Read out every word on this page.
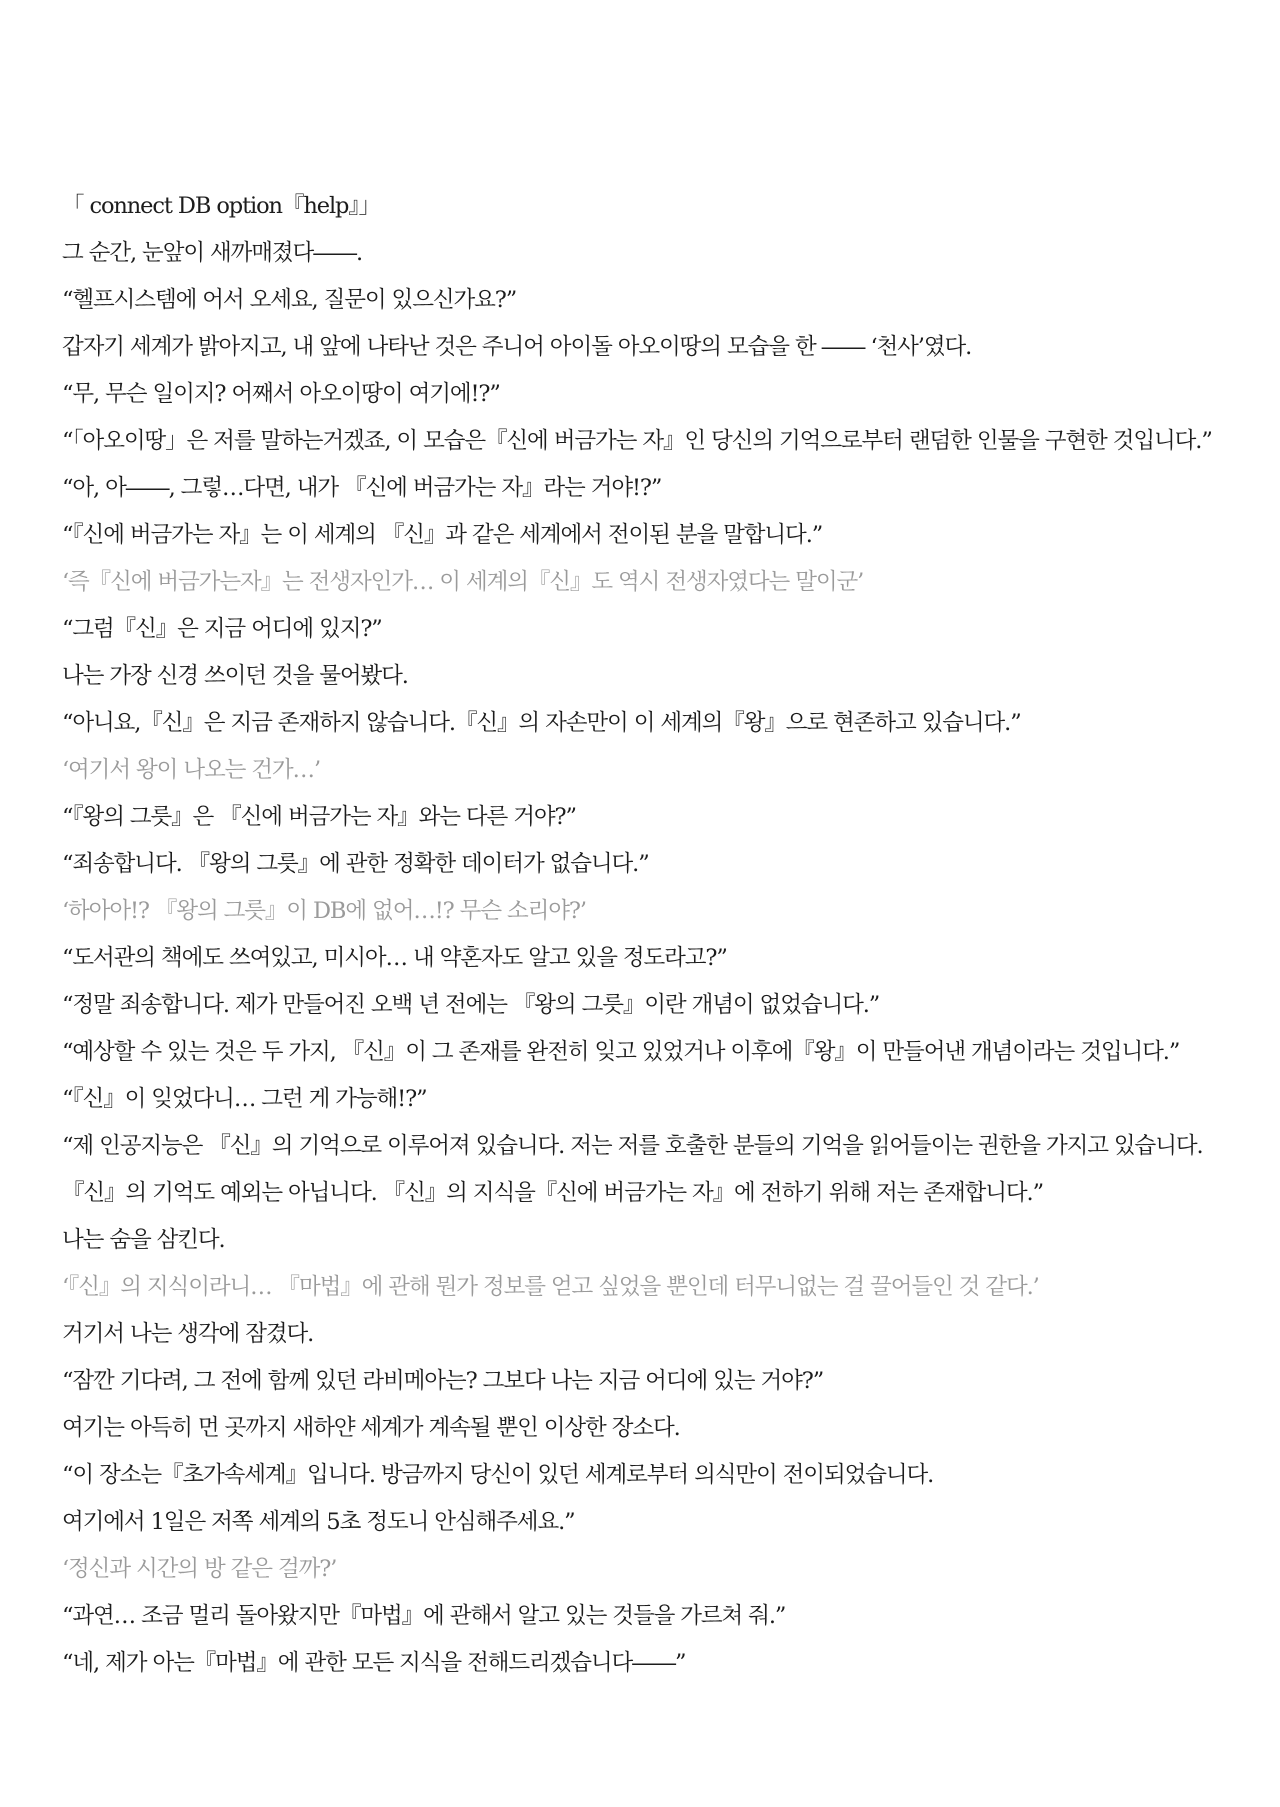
「 connect DB option『help』」

그 순간, 눈앞이 새까매졌다――.

“헬프시스템에 어서 오세요, 질문이 있으신가요?”

갑자기 세계가 밝아지고, 내 앞에 나타난 것은 주니어 아이돌 아오이땅의 모습을 한 ―― ‘천사’였다.

“무, 무슨 일이지? 어째서 아오이땅이 여기에!?”

“「아오이땅」은 저를 말하는거겠죠, 이 모습은『신에 버금가는 자』인 당신의 기억으로부터 랜덤한 인물을 구현한 것입니다.”

“아, 아――, 그렇…다면, 내가 『신에 버금가는 자』라는 거야!?”

“『신에 버금가는 자』는 이 세계의 『신』과 같은 세계에서 전이된 분을 말합니다.”

‘즉『신에 버금가는자』는 전생자인가… 이 세계의『신』도 역시 전생자였다는 말이군’

“그럼『신』은 지금 어디에 있지?”

나는 가장 신경 쓰이던 것을 물어봤다.

“아니요,『신』은 지금 존재하지 않습니다.『신』의 자손만이 이 세계의『왕』으로 현존하고 있습니다.”

‘여기서 왕이 나오는 건가…’

“『왕의 그릇』은 『신에 버금가는 자』와는 다른 거야?”

“죄송합니다. 『왕의 그릇』에 관한 정확한 데이터가 없습니다.”

‘하아아!? 『왕의 그릇』이 DB에 없어…!? 무슨 소리야?’

“도서관의 책에도 쓰여있고, 미시아… 내 약혼자도 알고 있을 정도라고?”

“정말 죄송합니다. 제가 만들어진 오백 년 전에는 『왕의 그릇』이란 개념이 없었습니다.”

“예상할 수 있는 것은 두 가지, 『신』이 그 존재를 완전히 잊고 있었거나 이후에『왕』이 만들어낸 개념이라는 것입니다.”

“『신』이 잊었다니… 그런 게 가능해!?”

“제 인공지능은 『신』의 기억으로 이루어져 있습니다. 저는 저를 호출한 분들의 기억을 읽어들이는 권한을 가지고 있습니다.

『신』의 기억도 예외는 아닙니다. 『신』의 지식을『신에 버금가는 자』에 전하기 위해 저는 존재합니다.”

나는 숨을 삼킨다.

‘『신』의 지식이라니… 『마법』에 관해 뭔가 정보를 얻고 싶었을 뿐인데 터무니없는 걸 끌어들인 것 같다.’

거기서 나는 생각에 잠겼다.

“잠깐 기다려, 그 전에 함께 있던 라비메아는? 그보다 나는 지금 어디에 있는 거야?”

여기는 아득히 먼 곳까지 새하얀 세계가 계속될 뿐인 이상한 장소다.

“이 장소는『초가속세계』입니다. 방금까지 당신이 있던 세계로부터 의식만이 전이되었습니다.

여기에서 1일은 저쪽 세계의 5초 정도니 안심해주세요.”

‘정신과 시간의 방 같은 걸까?’

“과연… 조금 멀리 돌아왔지만『마법』에 관해서 알고 있는 것들을 가르쳐 줘.”

“네, 제가 아는『마법』에 관한 모든 지식을 전해드리겠습니다――”
